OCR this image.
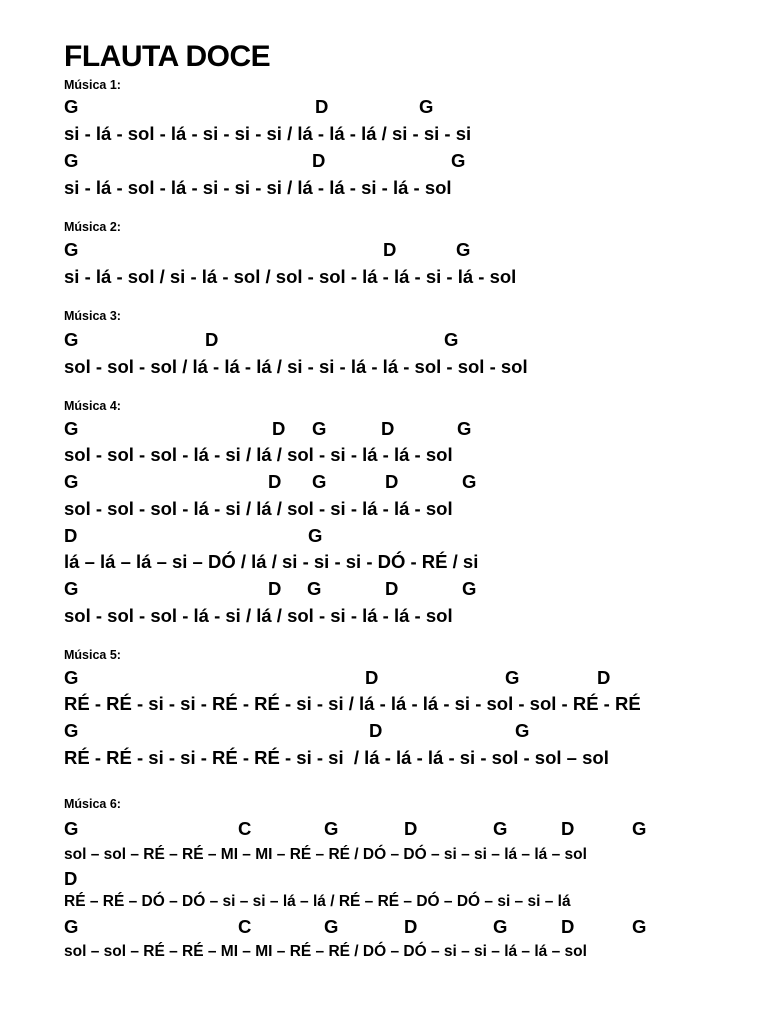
FLAUTA DOCE
Música 1:
G	D	G
si - lá - sol - lá - si - si - si / lá - lá - lá / si - si - si
G	D	G
si - lá - sol - lá - si - si - si / lá - lá - si - lá - sol
Música 2:
G	D	G
si - lá - sol / si - lá - sol / sol - sol - lá - lá - si - lá - sol
Música 3:
G	D	G
sol - sol - sol / lá - lá - lá / si - si - lá - lá - sol - sol - sol
Música 4:
G	D G	D	G
sol - sol - sol - lá - si / lá / sol - si - lá - lá - sol
G	D G	D	G
sol - sol - sol - lá - si / lá / sol - si - lá - lá - sol
D	G
lá – lá – lá – si – DÓ / lá / si - si - si - DÓ - RÉ / si
G	D G	D	G
sol - sol - sol - lá - si / lá / sol - si - lá - lá - sol
Música 5:
G	D	G	D
RÉ - RÉ - si - si - RÉ - RÉ - si - si / lá - lá - lá - si - sol - sol - RÉ - RÉ
G	D	G
RÉ - RÉ - si - si - RÉ - RÉ - si - si  / lá - lá - lá - si - sol - sol – sol
Música 6:
G	C	G	D	G	D	G
sol – sol – RÉ – RÉ – MI – MI – RÉ – RÉ / DÓ – DÓ – si – si – lá – lá – sol
D
RÉ – RÉ – DÓ – DÓ – si – si – lá – lá / RÉ – RÉ – DÓ – DÓ – si – si – lá
G	C	G	D	G	D	G
sol – sol – RÉ – RÉ – MI – MI – RÉ – RÉ / DÓ – DÓ – si – si – lá – lá – sol
